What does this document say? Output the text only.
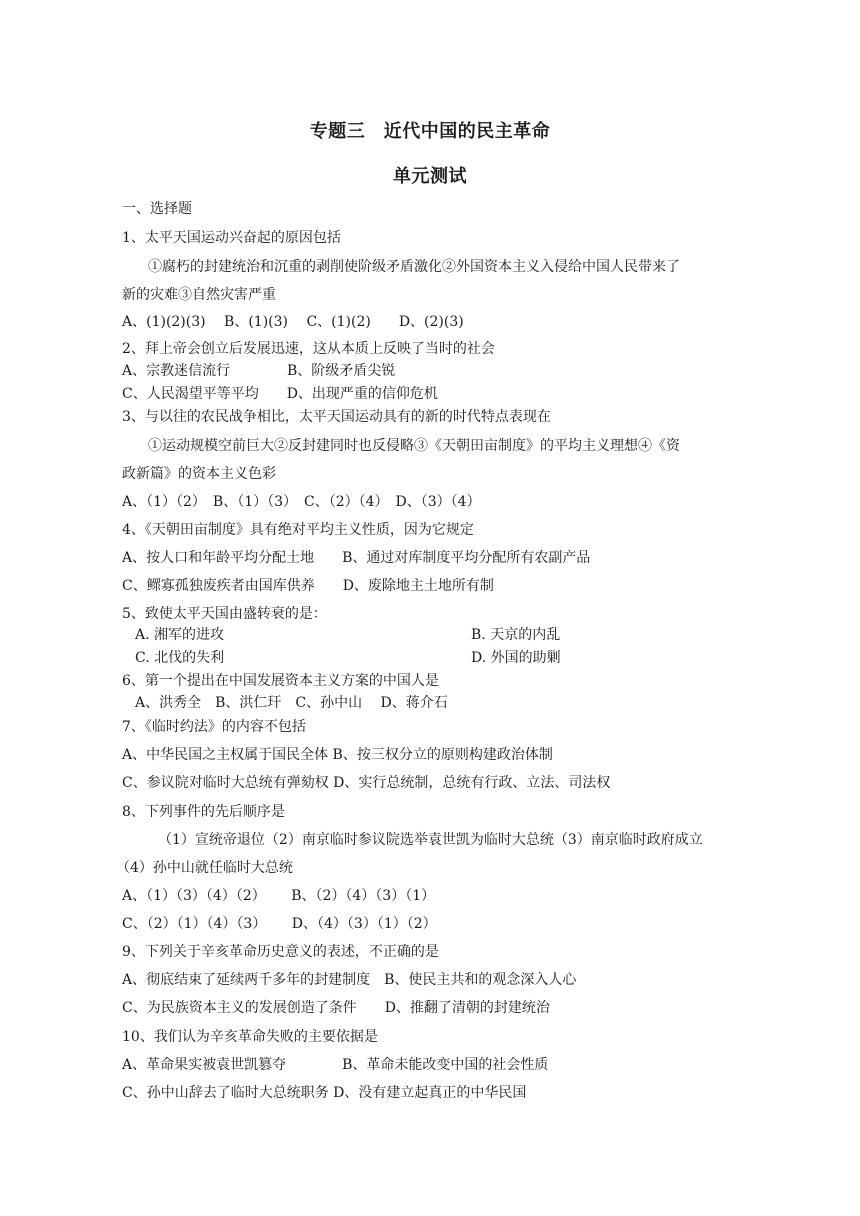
专题三　近代中国的民主革命
单元测试
一、选择题
1、太平天国运动兴奋起的原因包括
①腐朽的封建统治和沉重的剥削使阶级矛盾激化②外国资本主义入侵给中国人民带来了
新的灾难③自然灾害严重
A、(1)(2)(3)　 B、(1)(3)　 C、(1)(2)　　D、(2)(3)
2、拜上帝会创立后发展迅速，这从本质上反映了当时的社会
A、宗教迷信流行	B、阶级矛盾尖锐
C、人民渴望平等平均　　D、出现严重的信仰危机
3、与以往的农民战争相比，太平天国运动具有的新的时代特点表现在
①运动规模空前巨大②反封建同时也反侵略③《天朝田亩制度》的平均主义理想④《资
政新篇》的资本主义色彩
A、（1）（2）　B、（1）（3）　C、（2）（4）　D、（3）（4）
4、《天朝田亩制度》具有绝对平均主义性质，因为它规定
A、按人口和年龄平均分配土地　　B、通过对库制度平均分配所有农副产品
C、鳏寡孤独废疾者由国库供养　　D、废除地主土地所有制
5、致使太平天国由盛转衰的是：
A. 湘军的进攻	B. 天京的内乱
C. 北伐的失利	D. 外国的助剿
6、第一个提出在中国发展资本主义方案的中国人是
A、洪秀全　B、洪仁玕　C、孙中山　 D、蒋介石
7、《临时约法》的内容不包括
A、中华民国之主权属于国民全体 B、按三权分立的原则构建政治体制
C、参议院对临时大总统有弹劾权 D、实行总统制，总统有行政、立法、司法权
8、下列事件的先后顺序是
（1）宣统帝退位（2）南京临时参议院选举袁世凯为临时大总统（3）南京临时政府成立
（4）孙中山就任临时大总统
A、（1）（3）（4）（2）　　 B、（2）（4）（3）（1）
C、（2）（1）（4）（3）　　 D、（4）（3）（1）（2）
9、下列关于辛亥革命历史意义的表述，不正确的是
A、彻底结束了延续两千多年的封建制度　B、使民主共和的观念深入人心
C、为民族资本主义的发展创造了条件　　D、推翻了清朝的封建统治
10、我们认为辛亥革命失败的主要依据是
A、革命果实被袁世凯篡夺　　　　B、革命未能改变中国的社会性质
C、孙中山辞去了临时大总统职务 D、没有建立起真正的中华民国
